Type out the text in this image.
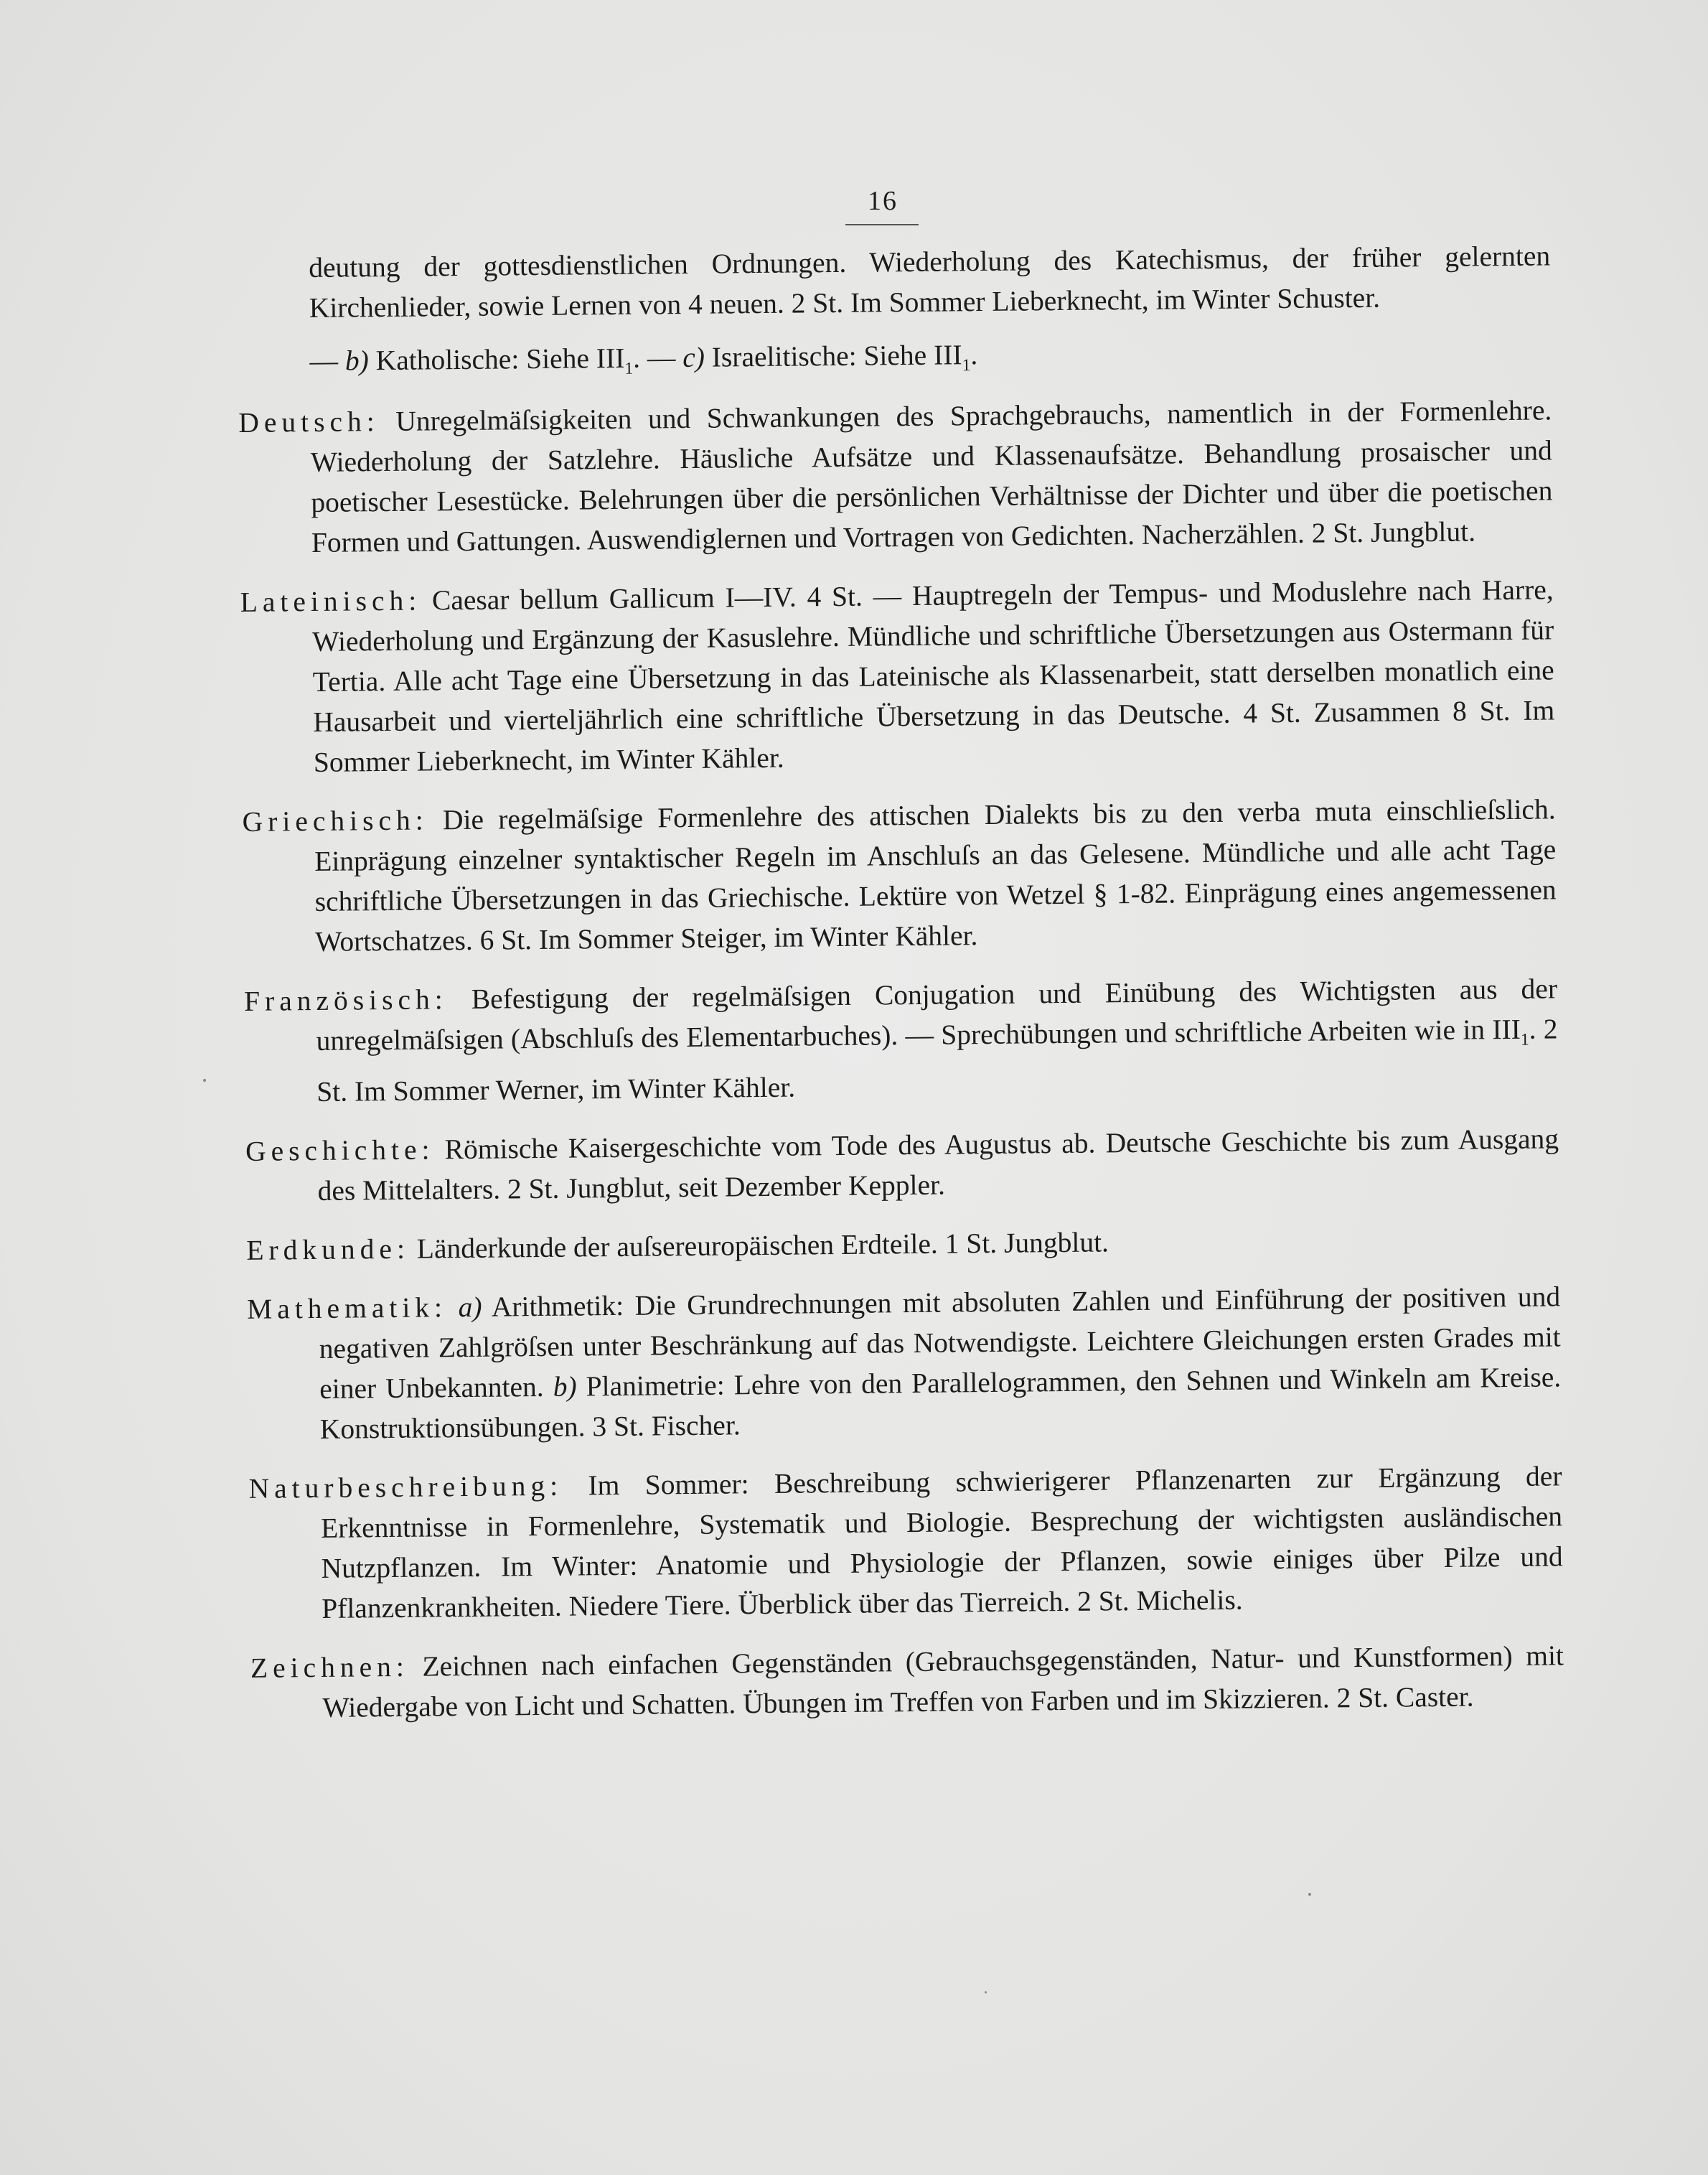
16

deutung der gottesdienstlichen Ordnungen. Wiederholung des Katechismus, der früher gelernten Kirchenlieder, sowie Lernen von 4 neuen. 2 St. Im Sommer Lieberknecht, im Winter Schuster.

— b) Katholische: Siehe $III_1$. — c) Israelitische: Siehe $III_1$.

Deutsch: Unregelmäſsigkeiten und Schwankungen des Sprachgebrauchs, namentlich in der Formenlehre. Wiederholung der Satzlehre. Häusliche Aufsätze und Klassenaufsätze. Behandlung prosaischer und poetischer Lesestücke. Belehrungen über die persönlichen Verhältnisse der Dichter und über die poetischen Formen und Gattungen. Auswendiglernen und Vortragen von Gedichten. Nacherzählen. 2 St. Jungblut.

Lateinisch: Caesar bellum Gallicum I—IV. 4 St. — Hauptregeln der Tempus- und Moduslehre nach Harre, Wiederholung und Ergänzung der Kasuslehre. Mündliche und schriftliche Übersetzungen aus Ostermann für Tertia. Alle acht Tage eine Übersetzung in das Lateinische als Klassenarbeit, statt derselben monatlich eine Hausarbeit und vierteljährlich eine schriftliche Übersetzung in das Deutsche. 4 St. Zusammen 8 St. Im Sommer Lieberknecht, im Winter Kähler.

Griechisch: Die regelmäſsige Formenlehre des attischen Dialekts bis zu den verba muta einschlieſslich. Einprägung einzelner syntaktischer Regeln im Anschluſs an das Gelesene. Mündliche und alle acht Tage schriftliche Übersetzungen in das Griechische. Lektüre von Wetzel § 1-82. Einprägung eines angemessenen Wortschatzes. 6 St. Im Sommer Steiger, im Winter Kähler.

Französisch: Befestigung der regelmäſsigen Conjugation und Einübung des Wichtigsten aus der unregelmäſsigen (Abschluſs des Elementarbuches). — Sprechübungen und schriftliche Arbeiten wie in $III_1$. 2 St. Im Sommer Werner, im Winter Kähler.

Geschichte: Römische Kaisergeschichte vom Tode des Augustus ab. Deutsche Geschichte bis zum Ausgang des Mittelalters. 2 St. Jungblut, seit Dezember Keppler.

Erdkunde: Länderkunde der auſsereuropäischen Erdteile. 1 St. Jungblut.

Mathematik: a) Arithmetik: Die Grundrechnungen mit absoluten Zahlen und Einführung der positiven und negativen Zahlgröſsen unter Beschränkung auf das Notwendigste. Leichtere Gleichungen ersten Grades mit einer Unbekannten. b) Planimetrie: Lehre von den Parallelogrammen, den Sehnen und Winkeln am Kreise. Konstruktionsübungen. 3 St. Fischer.

Naturbeschreibung: Im Sommer: Beschreibung schwierigerer Pflanzenarten zur Ergänzung der Erkenntnisse in Formenlehre, Systematik und Biologie. Besprechung der wichtigsten ausländischen Nutzpflanzen. Im Winter: Anatomie und Physiologie der Pflanzen, sowie einiges über Pilze und Pflanzenkrankheiten. Niedere Tiere. Überblick über das Tierreich. 2 St. Michelis.

Zeichnen: Zeichnen nach einfachen Gegenständen (Gebrauchsgegenständen, Natur- und Kunstformen) mit Wiedergabe von Licht und Schatten. Übungen im Treffen von Farben und im Skizzieren. 2 St. Caster.
